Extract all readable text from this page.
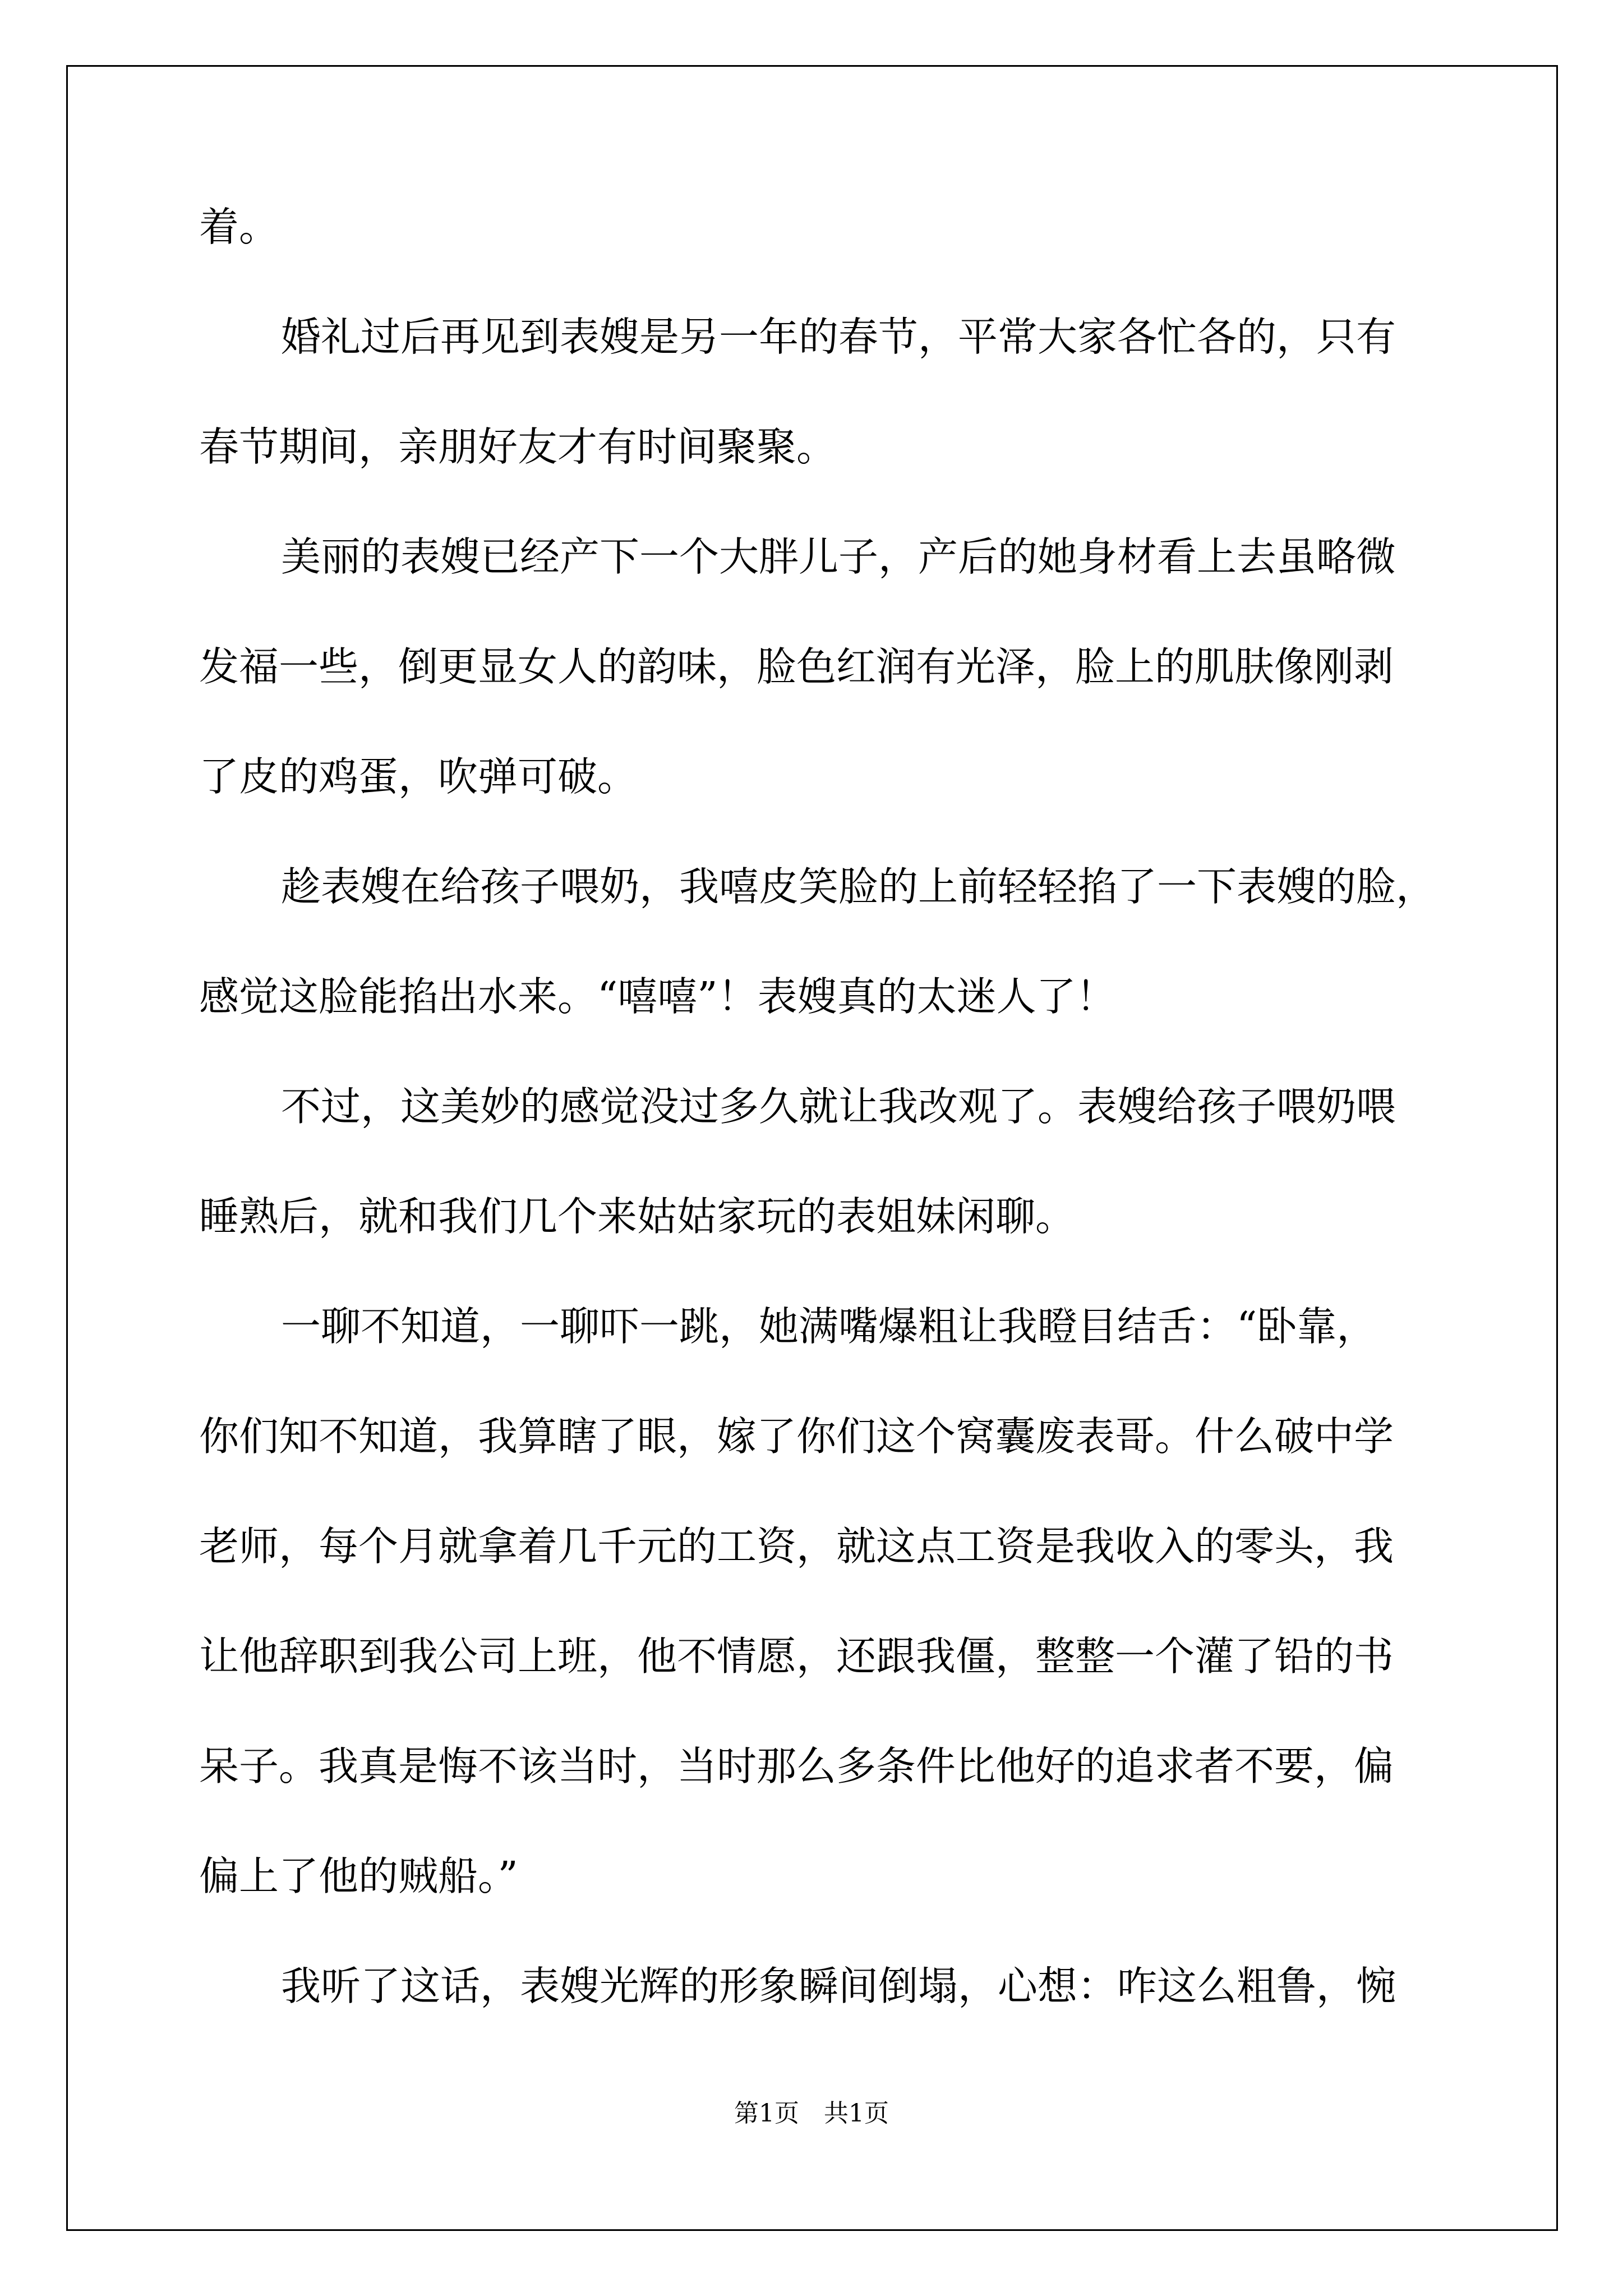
着。
婚礼过后再见到表嫂是另一年的春节，平常大家各忙各的，只有
春节期间，亲朋好友才有时间聚聚。
美丽的表嫂已经产下一个大胖儿子，产后的她身材看上去虽略微
发福一些，倒更显女人的韵味，脸色红润有光泽，脸上的肌肤像刚剥
了皮的鸡蛋，吹弹可破。
趁表嫂在给孩子喂奶，我嘻皮笑脸的上前轻轻掐了一下表嫂的脸，
感觉这脸能掐出水来。“嘻嘻”！表嫂真的太迷人了！
不过，这美妙的感觉没过多久就让我改观了。表嫂给孩子喂奶喂
睡熟后，就和我们几个来姑姑家玩的表姐妹闲聊。
一聊不知道，一聊吓一跳，她满嘴爆粗让我瞪目结舌：“卧靠，
你们知不知道，我算瞎了眼，嫁了你们这个窝囊废表哥。什么破中学
老师，每个月就拿着几千元的工资，就这点工资是我收入的零头，我
让他辞职到我公司上班，他不情愿，还跟我僵，整整一个灌了铅的书
呆子。我真是悔不该当时，当时那么多条件比他好的追求者不要，偏
偏上了他的贼船。”
我听了这话，表嫂光辉的形象瞬间倒塌，心想：咋这么粗鲁，惋
第1页　共1页
